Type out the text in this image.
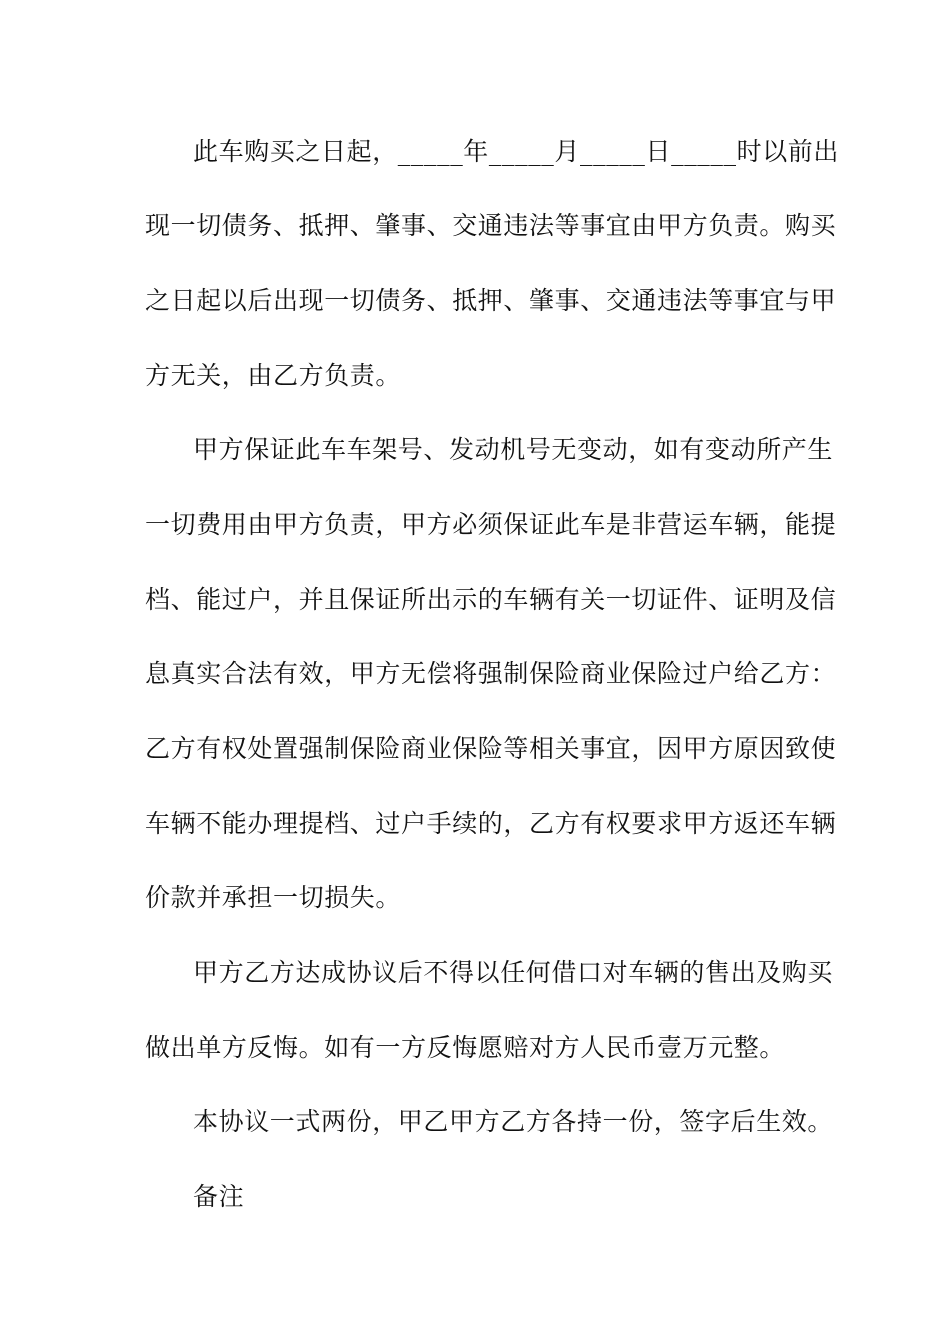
此车购买之日起，_____年_____月_____日_____时以前出
现一切债务、抵押、肇事、交通违法等事宜由甲方负责。购买
之日起以后出现一切债务、抵押、肇事、交通违法等事宜与甲
方无关，由乙方负责。
甲方保证此车车架号、发动机号无变动，如有变动所产生
一切费用由甲方负责，甲方必须保证此车是非营运车辆，能提
档、能过户，并且保证所出示的车辆有关一切证件、证明及信
息真实合法有效，甲方无偿将强制保险商业保险过户给乙方：
乙方有权处置强制保险商业保险等相关事宜，因甲方原因致使
车辆不能办理提档、过户手续的，乙方有权要求甲方返还车辆
价款并承担一切损失。
甲方乙方达成协议后不得以任何借口对车辆的售出及购买
做出单方反悔。如有一方反悔愿赔对方人民币壹万元整。
本协议一式两份，甲乙甲方乙方各持一份，签字后生效。
备注
